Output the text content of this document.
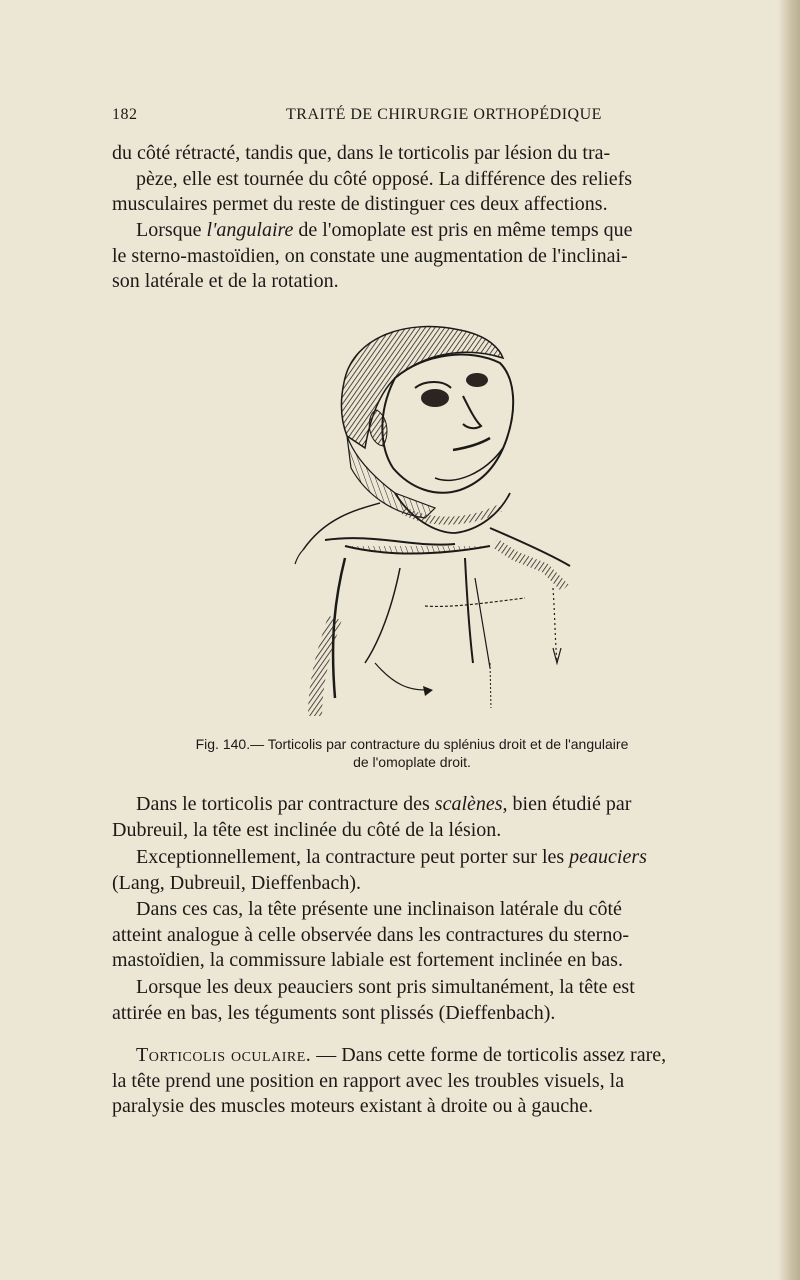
182	TRAITÉ DE CHIRURGIE ORTHOPÉDIQUE

du côté rétracté, tandis que, dans le torticolis par lésion du tra-
pèze, elle est tournée du côté opposé. La différence des reliefs
musculaires permet du reste de distinguer ces deux affections.

Lorsque l'angulaire de l'omoplate est pris en même temps que
le sterno-mastoïdien, on constate une augmentation de l'inclinai-
son latérale et de la rotation.

Fig. 140.— Torticolis par contracture du splénius droit et de l'angulaire
de l'omoplate droit.

Dans le torticolis par contracture des scalènes, bien étudié par
Dubreuil, la tête est inclinée du côté de la lésion.

Exceptionnellement, la contracture peut porter sur les peauciers
(Lang, Dubreuil, Dieffenbach).

Dans ces cas, la tête présente une inclinaison latérale du côté
atteint analogue à celle observée dans les contractures du sterno-
mastoïdien, la commissure labiale est fortement inclinée en bas.

Lorsque les deux peauciers sont pris simultanément, la tête est
attirée en bas, les téguments sont plissés (Dieffenbach).

Torticolis oculaire. — Dans cette forme de torticolis assez rare,
la tête prend une position en rapport avec les troubles visuels, la
paralysie des muscles moteurs existant à droite ou à gauche.
